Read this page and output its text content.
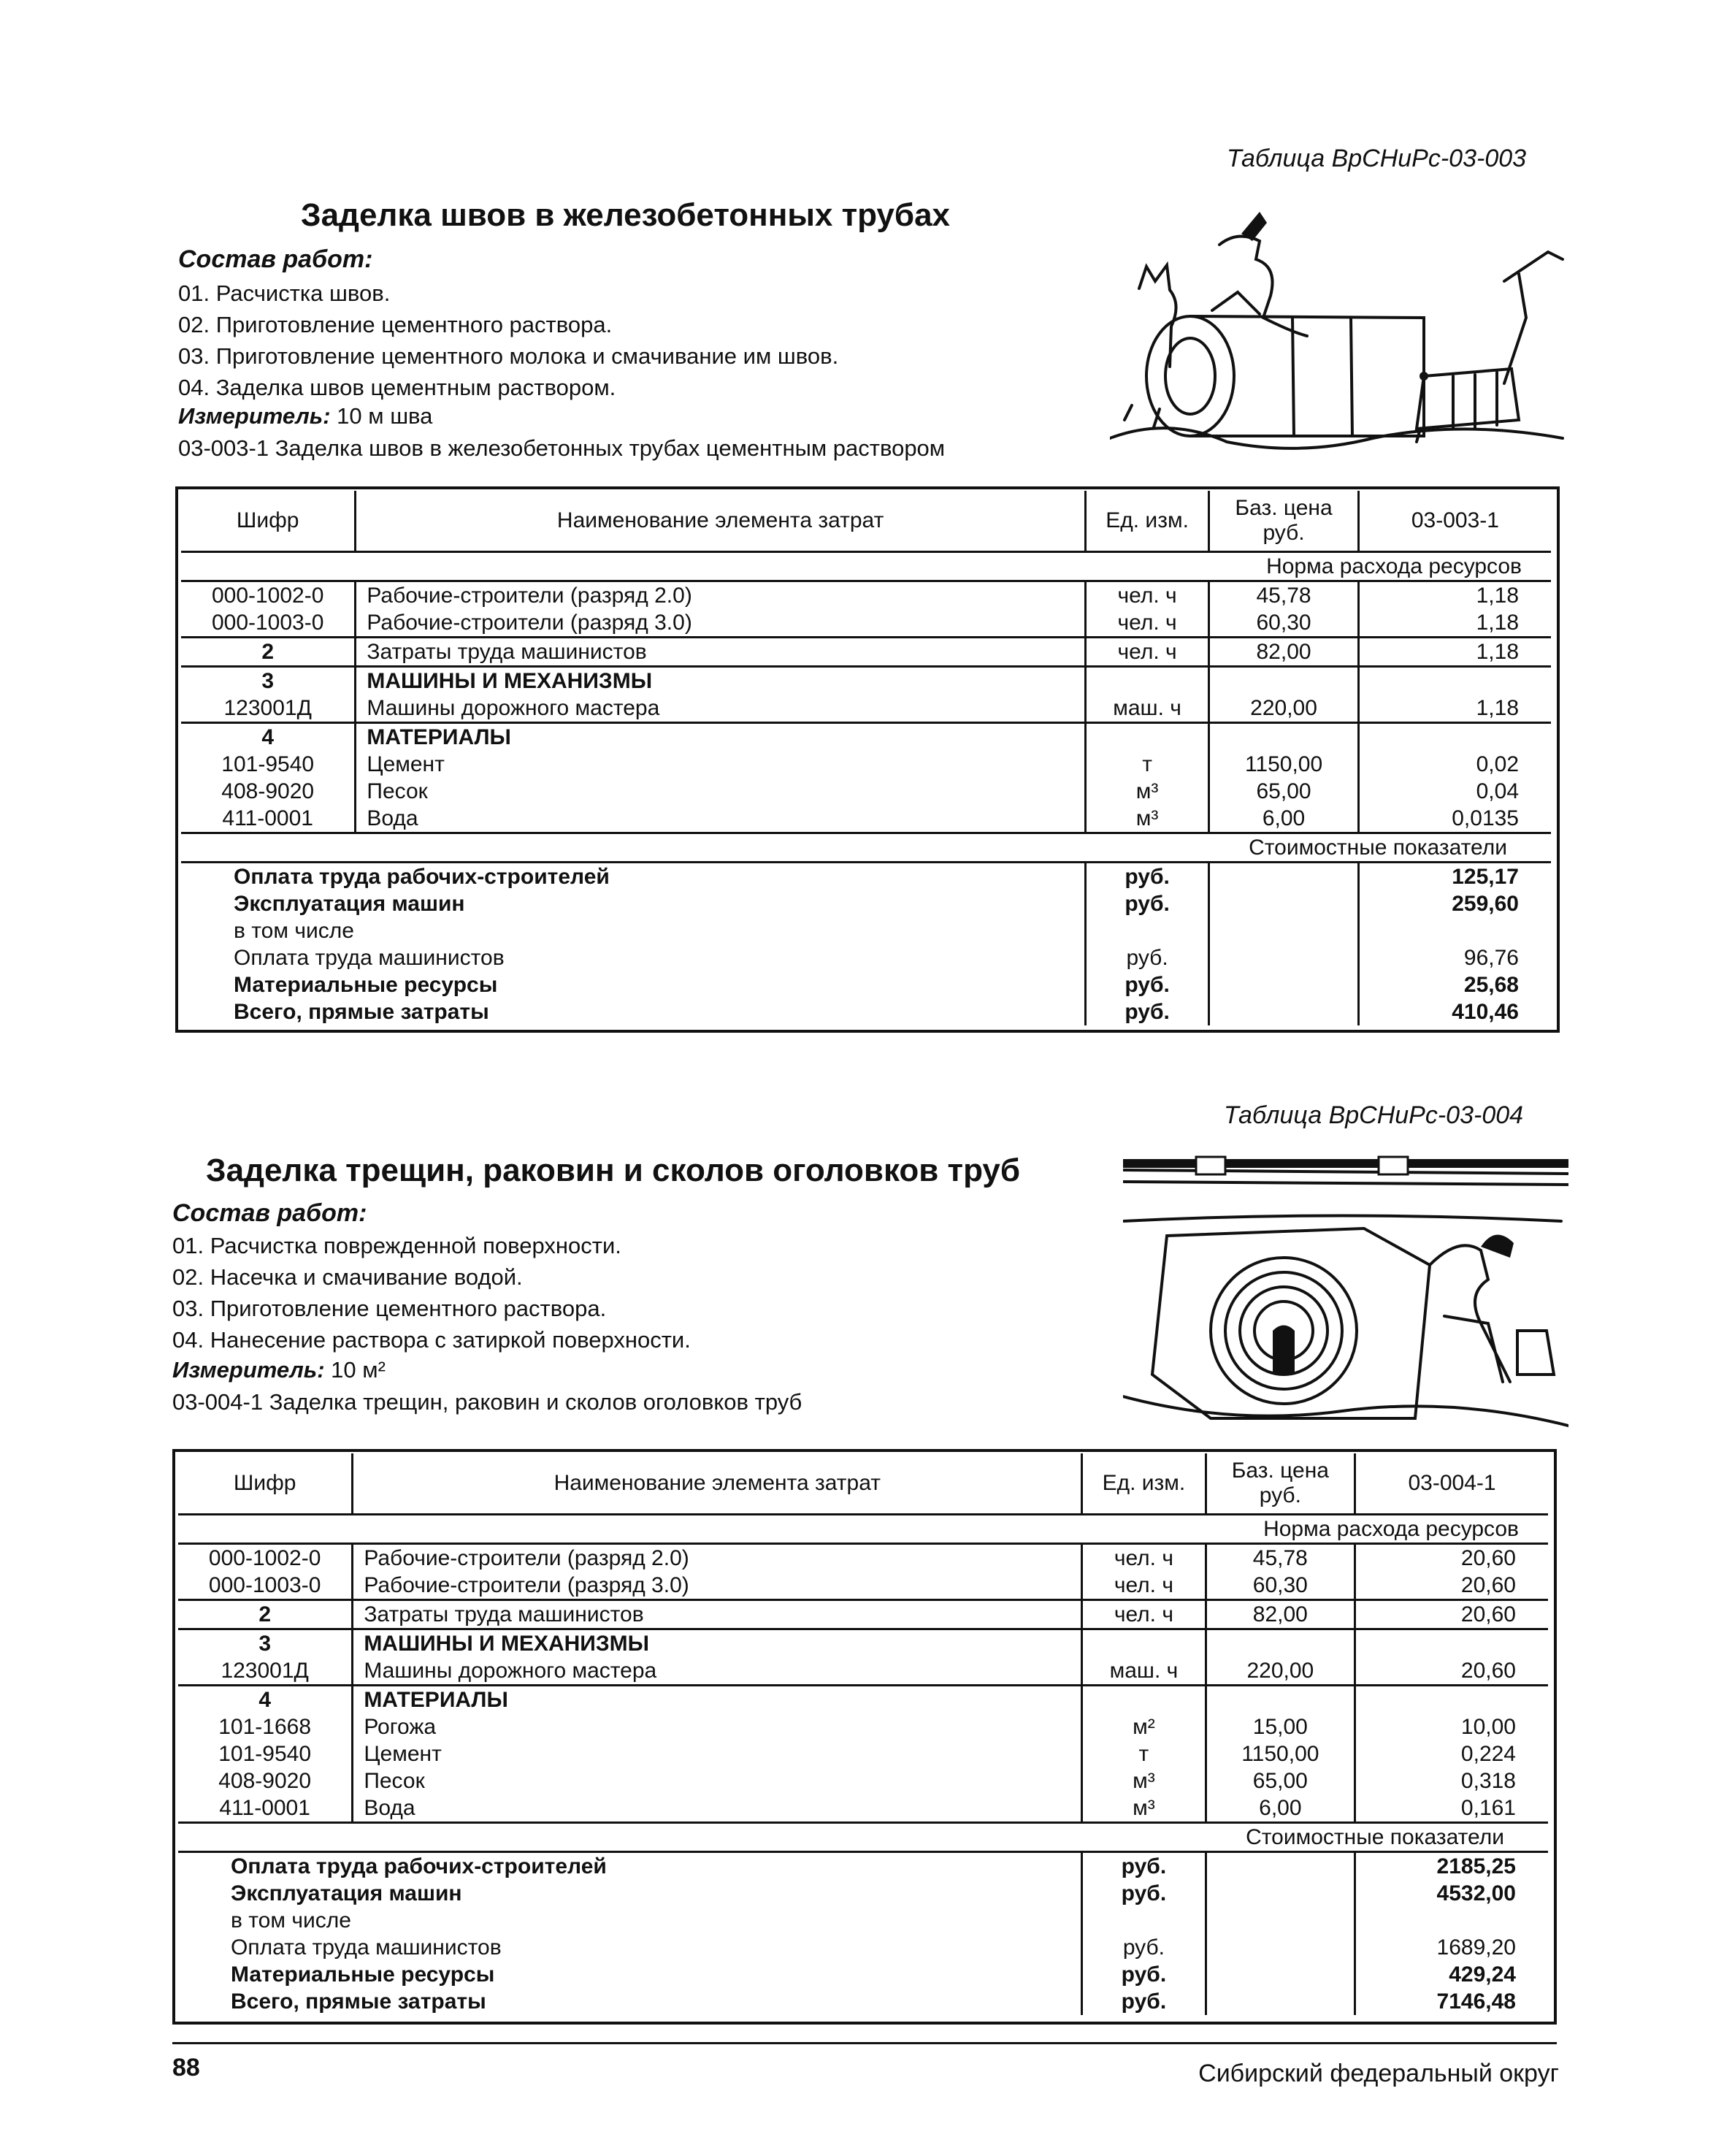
Таблица ВрСНиРс-03-003
Заделка швов в железобетонных трубах
Состав работ:
01. Расчистка швов.
02. Приготовление цементного раствора.
03. Приготовление цементного молока и смачивание им швов.
04. Заделка швов цементным раствором.
Измеритель: 10 м шва
03-003-1 Заделка швов в железобетонных трубах цементным раствором
Шифр	Наименование элемента затрат	Ед. изм.	Баз. цена руб.	03-003-1
Норма расхода ресурсов				
000-1002-0	Рабочие-строители (разряд 2.0)	чел. ч	45,78	1,18
000-1003-0	Рабочие-строители (разряд 3.0)	чел. ч	60,30	1,18
2	Затраты труда машинистов	чел. ч	82,00	1,18
3	МАШИНЫ И МЕХАНИЗМЫ			
123001Д	Машины дорожного мастера	маш. ч	220,00	1,18
4	МАТЕРИАЛЫ			
101-9540	Цемент	т	1150,00	0,02
408-9020	Песок	м³	65,00	0,04
411-0001	Вода	м³	6,00	0,0135
Стоимостные показатели				
Оплата труда рабочих-строителей		руб.		125,17
Эксплуатация машин		руб.		259,60
в том числе				
Оплата труда машинистов		руб.		96,76
Материальные ресурсы		руб.		25,68
Всего, прямые затраты		руб.		410,46
Таблица ВрСНиРс-03-004
Заделка трещин, раковин и сколов оголовков труб
Состав работ:
01. Расчистка поврежденной поверхности.
02. Насечка и смачивание водой.
03. Приготовление цементного раствора.
04. Нанесение раствора с затиркой поверхности.
Измеритель: 10 м²
03-004-1 Заделка трещин, раковин и сколов оголовков труб
Шифр	Наименование элемента затрат	Ед. изм.	Баз. цена руб.	03-004-1
Норма расхода ресурсов				
000-1002-0	Рабочие-строители (разряд 2.0)	чел. ч	45,78	20,60
000-1003-0	Рабочие-строители (разряд 3.0)	чел. ч	60,30	20,60
2	Затраты труда машинистов	чел. ч	82,00	20,60
3	МАШИНЫ И МЕХАНИЗМЫ			
123001Д	Машины дорожного мастера	маш. ч	220,00	20,60
4	МАТЕРИАЛЫ			
101-1668	Рогожа	м²	15,00	10,00
101-9540	Цемент	т	1150,00	0,224
408-9020	Песок	м³	65,00	0,318
411-0001	Вода	м³	6,00	0,161
Стоимостные показатели				
Оплата труда рабочих-строителей		руб.		2185,25
Эксплуатация машин		руб.		4532,00
в том числе				
Оплата труда машинистов		руб.		1689,20
Материальные ресурсы		руб.		429,24
Всего, прямые затраты		руб.		7146,48
88	Сибирский федеральный округ
